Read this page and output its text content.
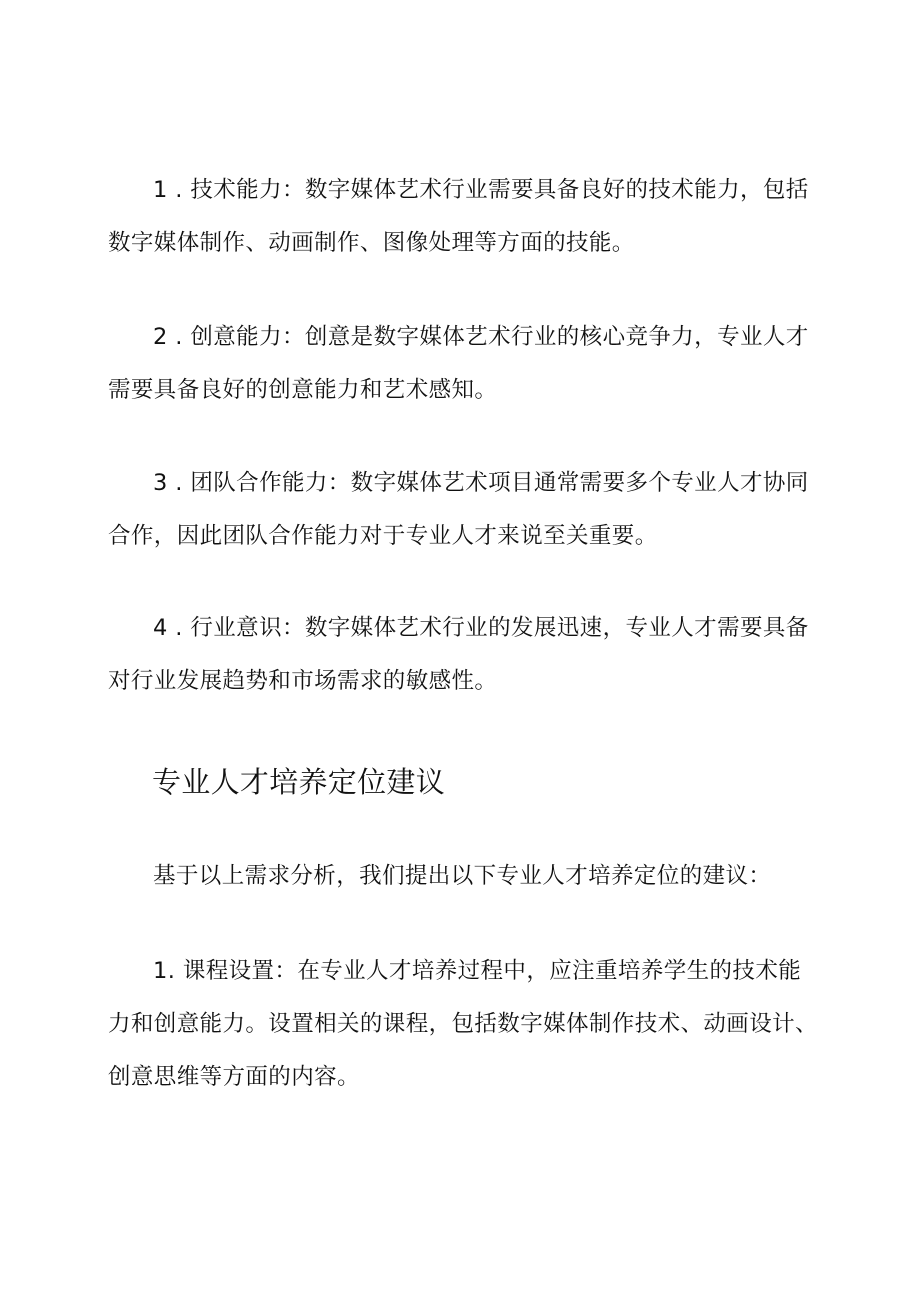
1 . 技术能力：数字媒体艺术行业需要具备良好的技术能力，包括数字媒体制作、动画制作、图像处理等方面的技能。

2 . 创意能力：创意是数字媒体艺术行业的核心竞争力，专业人才需要具备良好的创意能力和艺术感知。

3 . 团队合作能力：数字媒体艺术项目通常需要多个专业人才协同合作，因此团队合作能力对于专业人才来说至关重要。

4 . 行业意识：数字媒体艺术行业的发展迅速，专业人才需要具备对行业发展趋势和市场需求的敏感性。

专业人才培养定位建议

基于以上需求分析，我们提出以下专业人才培养定位的建议：

1. 课程设置：在专业人才培养过程中，应注重培养学生的技术能力和创意能力。设置相关的课程，包括数字媒体制作技术、动画设计、创意思维等方面的内容。
